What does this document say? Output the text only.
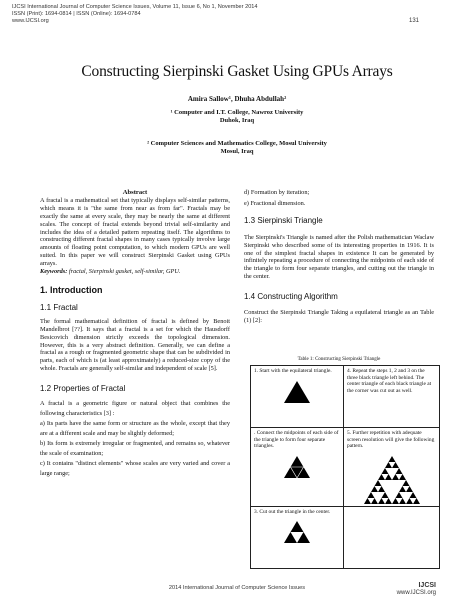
IJCSI International Journal of Computer Science Issues, Volume 11, Issue 6, No 1, November 2014
ISSN (Print): 1694-0814 | ISSN (Online): 1694-0784
www.IJCSI.org	131
Constructing Sierpinski Gasket Using GPUs Arrays
Amira Sallow¹, Dhuha Abdullah²
¹ Computer and I.T. College, Nawroz University
Duhok, Iraq
² Computer Sciences and Mathematics College, Mosul University
Mosul, Iraq
Abstract

A fractal is a mathematical set that typically displays self-similar patterns, which means it is "the same from near as from far". Fractals may be exactly the same at every scale, they may be nearly the same at different scales. The concept of fractal extends beyond trivial self-similarity and includes the idea of a detailed pattern repeating itself. The algorithms to constructing different fractal shapes in many cases typically involve large amounts of floating point computation, to which modern GPUs are well suited. In this paper we will construct Sierpinski Gasket using GPUs arrays.

Keywords: fractal, Sierpinski gasket, self-similar, GPU.

1. Introduction
1.1 Fractal

The formal mathematical definition of fractal is defined by Benoit Mandelbrot [??]. It says that a fractal is a set for which the Hausdorff Besicovich dimension strictly exceeds the topological dimension. However, this is a very abstract definition. Generally, we can define a fractal as a rough or fragmented geometric shape that can be subdivided in parts, each of which is (at least approximately) a reduced-size copy of the whole. Fractals are generally self-similar and independent of scale [5].

1.2 Properties of Fractal

A fractal is a geometric figure or natural object that combines the following characteristics [3] :

a) Its parts have the same form or structure as the whole, except that they are at a different scale and may be slightly deformed;

b) Its form is extremely irregular or fragmented, and remains so, whatever the scale of examination;

c) It contains "distinct elements" whose scales are very varied and cover a large range;

d) Formation by iteration;

e) Fractional dimension.

1.3 Sierpinski Triangle

The Sierpinski's Triangle is named after the Polish mathematician Waclaw Sierpinski who described some of its interesting properties in 1916. It is one of the simplest fractal shapes in existence It can be generated by infinitely repeating a procedure of connecting the midpoints of each side of the triangle to form four separate triangles, and cutting out the triangle in the center.

1.4 Constructing Algorithm

Construct the Sierpinski Triangle Taking a equilateral triangle as an Table (1) [2]:

Table 1: Constructing Sierpinski Triangle
1. Start with the equilateral triangle.	4. Repeat the steps 1, 2 and 3 on the three black triangle left behind. The center triangle of each black triangle at the corner was cut out as well.

. Connect the midpoints of each side of the triangle to form four separate triangles.	5. Further repetition with adequate screen resolution will give the following pattern.

3. Cut out the triangle in the center.	

2014 International Journal of Computer Science Issues	IJCSI
www.IJCSI.org
